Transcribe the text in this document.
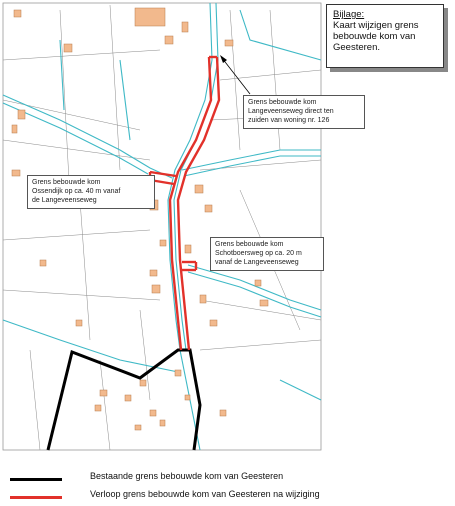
Grens bebouwde kom
Langeveenseweg direct ten
zuiden van woning nr. 126
Grens bebouwde kom
Ossendijk op ca. 40 m vanaf
de Langeveenseweg
Grens bebouwde kom
Schotboersweg op ca. 20 m
vanaf de Langeveenseweg
Bijlage:
Kaart wijzigen grens bebouwde kom van Geesteren.
Bestaande grens bebouwde kom van Geesteren
Verloop grens bebouwde kom van Geesteren na wijziging
